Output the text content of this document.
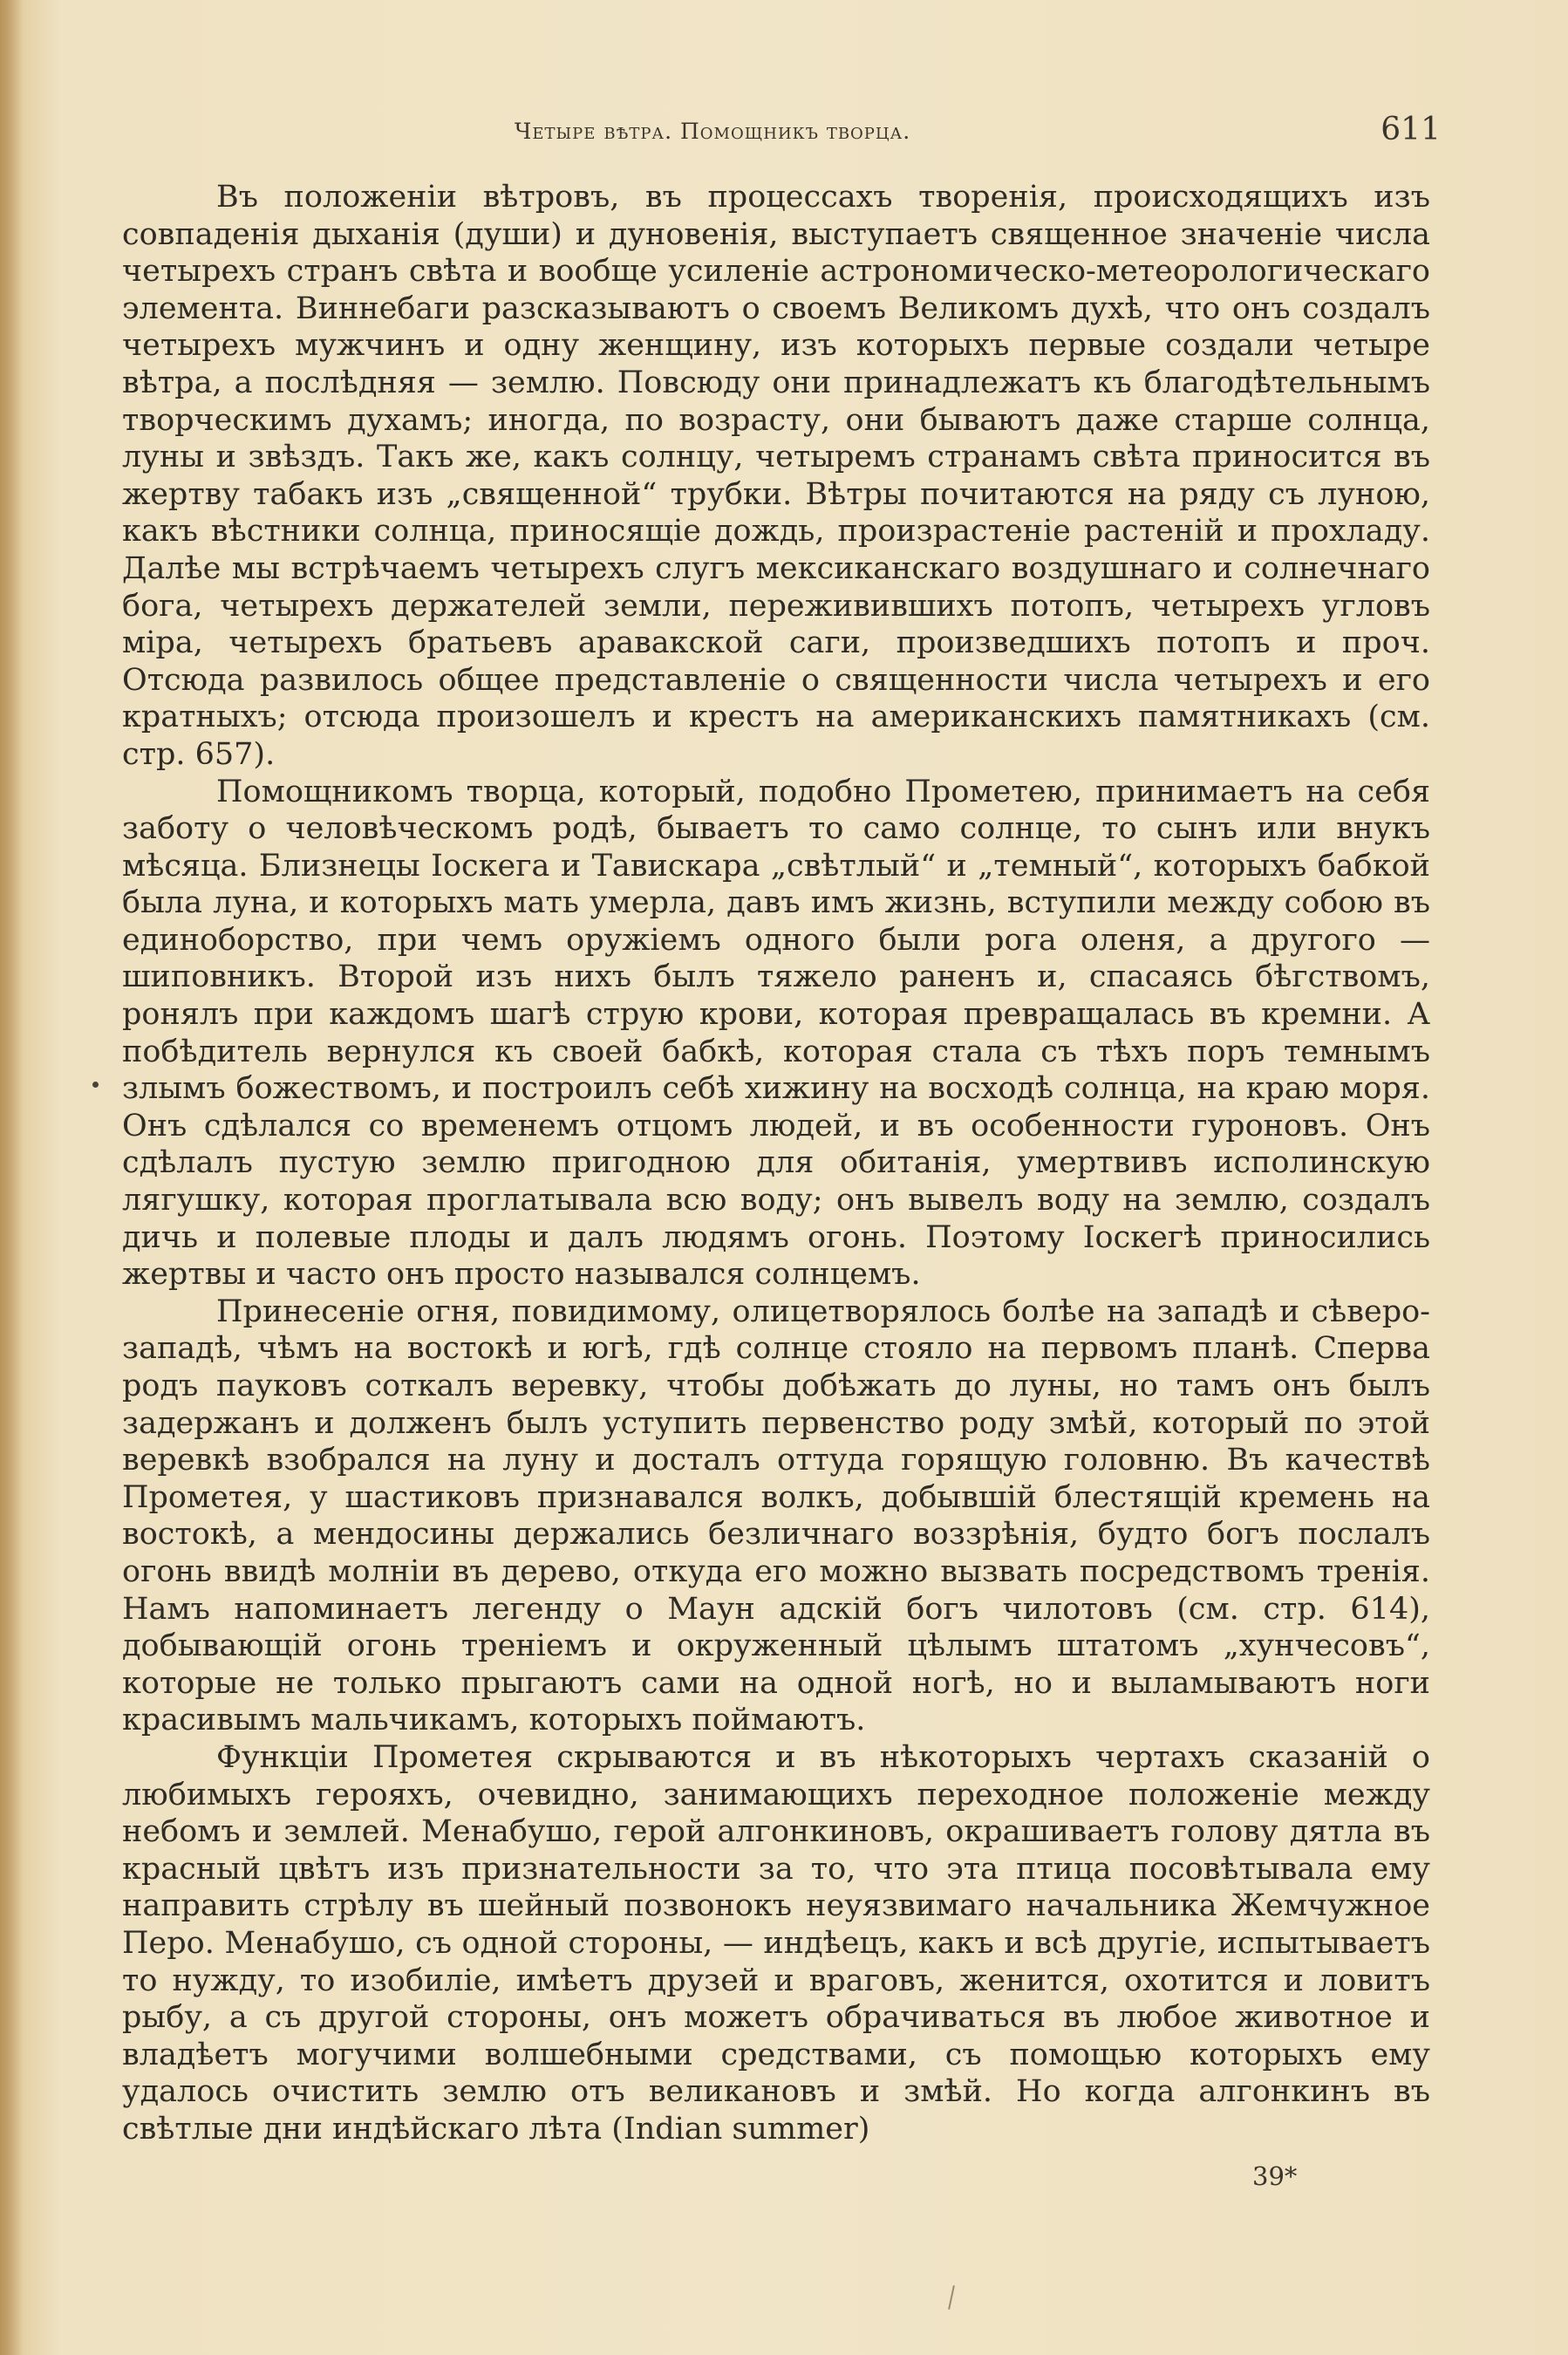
Четыре вѣтра. Помощникъ творца.	611

Въ положеніи вѣтровъ, въ процессахъ творенія, происходящихъ изъ совпаденія дыханія (души) и дуновенія, выступаетъ священное значеніе числа четырехъ странъ свѣта и вообще усиленіе астрономическо-метеорологическаго элемента. Виннебаги разсказываютъ о своемъ Великомъ духѣ, что онъ создалъ четырехъ мужчинъ и одну женщину, изъ которыхъ первые создали четыре вѣтра, а послѣдняя — землю. Повсюду они принадлежатъ къ благодѣтельнымъ творческимъ духамъ; иногда, по возрасту, они бываютъ даже старше солнца, луны и звѣздъ. Такъ же, какъ солнцу, четыремъ странамъ свѣта приносится въ жертву табакъ изъ „священной“ трубки. Вѣтры почитаются на ряду съ луною, какъ вѣстники солнца, приносящіе дождь, произрастеніе растеній и прохладу. Далѣе мы встрѣчаемъ четырехъ слугъ мексиканскаго воздушнаго и солнечнаго бога, четырехъ держателей земли, переживившихъ потопъ, четырехъ угловъ міра, четырехъ братьевъ аравакской саги, произведшихъ потопъ и проч. Отсюда развилось общее представленіе о священности числа четырехъ и его кратныхъ; отсюда произошелъ и крестъ на американскихъ памятникахъ (см. стр. 657).

Помощникомъ творца, который, подобно Прометею, принимаетъ на себя заботу о человѣческомъ родѣ, бываетъ то само солнце, то сынъ или внукъ мѣсяца. Близнецы Іоскега и Тавискара „свѣтлый“ и „темный“, которыхъ бабкой была луна, и которыхъ мать умерла, давъ имъ жизнь, вступили между собою въ единоборство, при чемъ оружіемъ одного были рога оленя, а другого — шиповникъ. Второй изъ нихъ былъ тяжело раненъ и, спасаясь бѣгствомъ, ронялъ при каждомъ шагѣ струю крови, которая превращалась въ кремни. А побѣдитель вернулся къ своей бабкѣ, которая стала съ тѣхъ поръ темнымъ злымъ божествомъ, и построилъ себѣ хижину на восходѣ солнца, на краю моря. Онъ сдѣлался со временемъ отцомъ людей, и въ особенности гуроновъ. Онъ сдѣлалъ пустую землю пригодною для обитанія, умертвивъ исполинскую лягушку, которая проглатывала всю воду; онъ вывелъ воду на землю, создалъ дичь и полевые плоды и далъ людямъ огонь. Поэтому Іоскегѣ приносились жертвы и часто онъ просто назывался солнцемъ.

Принесеніе огня, повидимому, олицетворялось болѣе на западѣ и сѣверо-западѣ, чѣмъ на востокѣ и югѣ, гдѣ солнце стояло на первомъ планѣ. Сперва родъ пауковъ соткалъ веревку, чтобы добѣжать до луны, но тамъ онъ былъ задержанъ и долженъ былъ уступить первенство роду змѣй, который по этой веревкѣ взобрался на луну и досталъ оттуда горящую головню. Въ качествѣ Прометея, у шастиковъ признавался волкъ, добывшій блестящій кремень на востокѣ, а мендосины держались безличнаго воззрѣнія, будто богъ послалъ огонь ввидѣ молніи въ дерево, откуда его можно вызвать посредствомъ тренія. Намъ напоминаетъ легенду о Маун адскій богъ чилотовъ (см. стр. 614), добывающій огонь треніемъ и окруженный цѣлымъ штатомъ „хунчесовъ“, которые не только прыгаютъ сами на одной ногѣ, но и выламываютъ ноги красивымъ мальчикамъ, которыхъ поймаютъ.

Функціи Прометея скрываются и въ нѣкоторыхъ чертахъ сказаній о любимыхъ герояхъ, очевидно, занимающихъ переходное положеніе между небомъ и землей. Менабушо, герой алгонкиновъ, окрашиваетъ голову дятла въ красный цвѣтъ изъ признательности за то, что эта птица посовѣтывала ему направить стрѣлу въ шейный позвонокъ неуязвимаго начальника Жемчужное Перо. Менабушо, съ одной стороны, — индѣецъ, какъ и всѣ другіе, испытываетъ то нужду, то изобиліе, имѣетъ друзей и враговъ, женится, охотится и ловитъ рыбу, а съ другой стороны, онъ можетъ обрачиваться въ любое животное и владѣетъ могучими волшебными средствами, съ помощью которыхъ ему удалось очистить землю отъ великановъ и змѣй. Но когда алгонкинъ въ свѣтлые дни индѣйскаго лѣта (Indian summer)

39*
